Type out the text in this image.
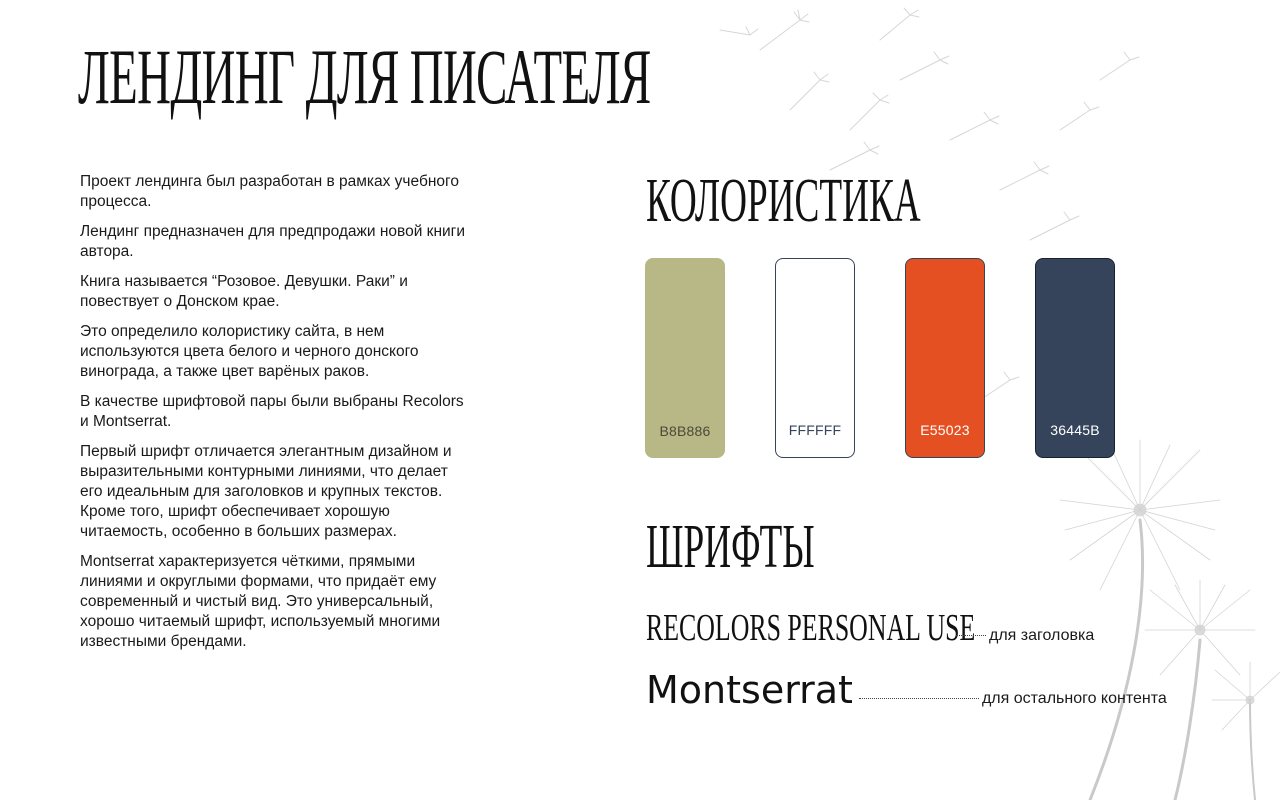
ЛЕНДИНГ ДЛЯ ПИСАТЕЛЯ

Проект лендинга был разработан в рамках учебного процесса.

Лендинг предназначен для предпродажи новой книги автора.

Книга называется “Розовое. Девушки. Раки” и повествует о Донском крае.

Это определило колористику сайта, в нем используются цвета белого и черного донского винограда, а также цвет варёных раков.

В качестве шрифтовой пары были выбраны Recolors и Montserrat.

Первый шрифт отличается элегантным дизайном и выразительными контурными линиями, что делает его идеальным для заголовков и крупных текстов. Кроме того, шрифт обеспечивает хорошую читаемость, особенно в больших размерах.

Montserrat характеризуется чёткими, прямыми линиями и округлыми формами, что придаёт ему современный и чистый вид. Это универсальный, хорошо читаемый шрифт, используемый многими известными брендами.

КОЛОРИСТИКА
B8B886	FFFFFF	E55023	36445B
ШРИФТЫ
RECOLORS PERSONAL USE для заголовка
Montserrat	для остального контента
